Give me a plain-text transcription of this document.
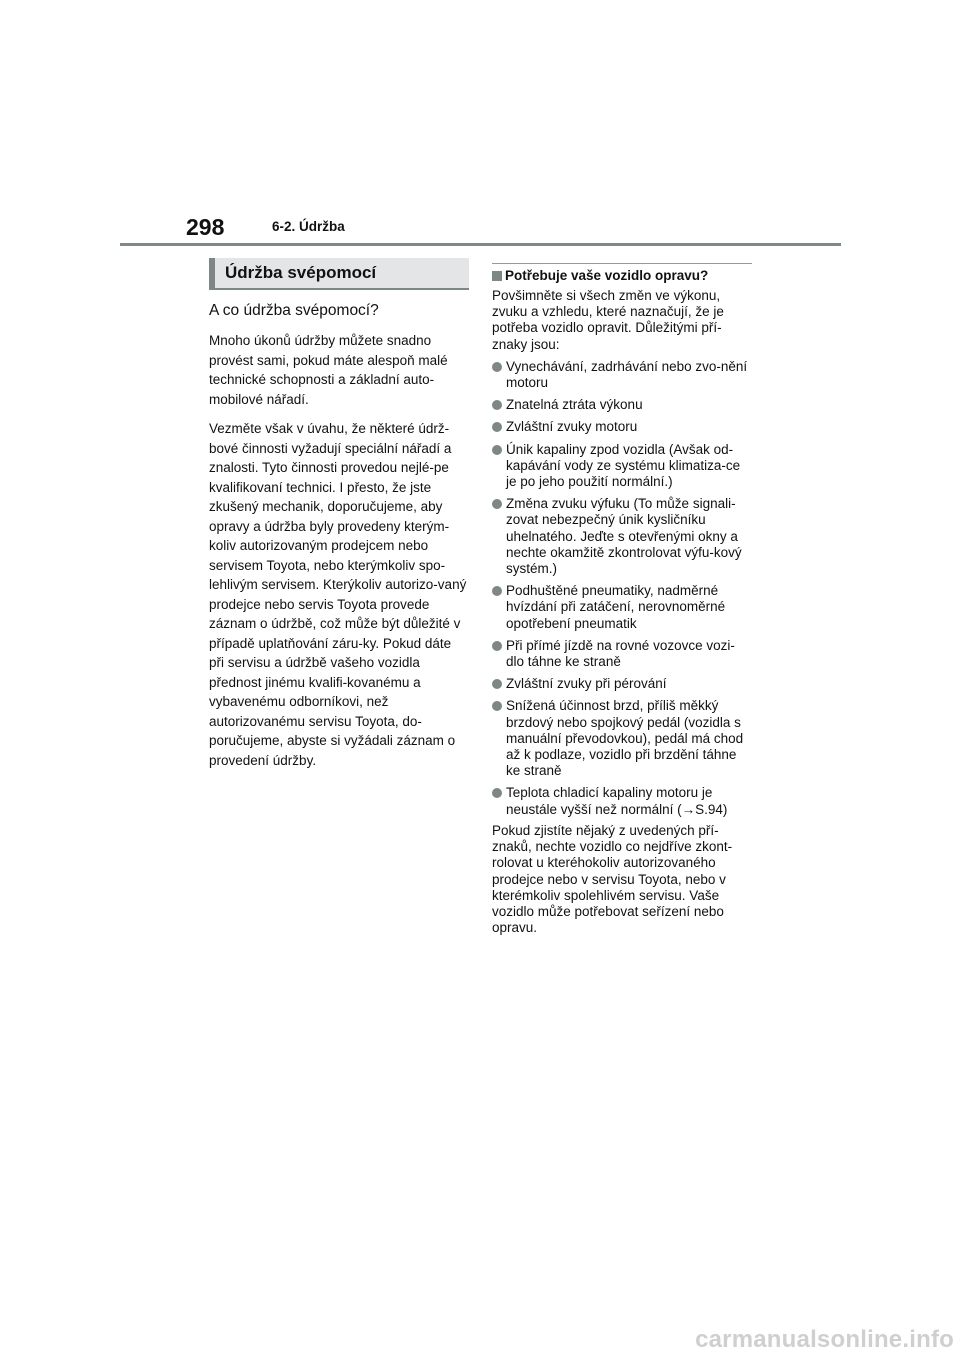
298	6-2. Údržba
Údržba svépomocí
A co údržba svépomocí?
Mnoho úkonů údržby můžete snadno provést sami, pokud máte alespoň malé technické schopnosti a základní auto-mobilové nářadí.
Vezměte však v úvahu, že některé údrž-bové činnosti vyžadují speciální nářadí a znalosti. Tyto činnosti provedou nejlé-pe kvalifikovaní technici. I přesto, že jste zkušený mechanik, doporučujeme, aby opravy a údržba byly provedeny kterým-koliv autorizovaným prodejcem nebo servisem Toyota, nebo kterýmkoliv spo-lehlivým servisem. Kterýkoliv autorizo-vaný prodejce nebo servis Toyota provede záznam o údržbě, což může být důležité v případě uplatňování záru-ky. Pokud dáte při servisu a údržbě vašeho vozidla přednost jinému kvalifi-kovanému a vybavenému odborníkovi, než autorizovanému servisu Toyota, do-poručujeme, abyste si vyžádali záznam o provedení údržby.
Potřebuje vaše vozidlo opravu?
Povšimněte si všech změn ve výkonu, zvuku a vzhledu, které naznačují, že je potřeba vozidlo opravit. Důležitými pří-znaky jsou:
Vynechávání, zadrhávání nebo zvo-nění motoru
Znatelná ztráta výkonu
Zvláštní zvuky motoru
Únik kapaliny zpod vozidla (Avšak od-kapávání vody ze systému klimatiza-ce je po jeho použití normální.)
Změna zvuku výfuku (To může signali-zovat nebezpečný únik kysličníku uhelnatého. Jeďte s otevřenými okny a nechte okamžitě zkontrolovat výfu-kový systém.)
Podhuštěné pneumatiky, nadměrné hvízdání při zatáčení, nerovnoměrné opotřebení pneumatik
Při přímé jízdě na rovné vozovce vozi-dlo táhne ke straně
Zvláštní zvuky při pérování
Snížená účinnost brzd, příliš měkký brzdový nebo spojkový pedál (vozidla s manuální převodovkou), pedál má chod až k podlaze, vozidlo při brzdění táhne ke straně
Teplota chladicí kapaliny motoru je neustále vyšší než normální (→S.94)
Pokud zjistíte nějaký z uvedených pří-znaků, nechte vozidlo co nejdříve zkont-rolovat u kteréhokoliv autorizovaného prodejce nebo v servisu Toyota, nebo v kterémkoliv spolehlivém servisu. Vaše vozidlo může potřebovat seřízení nebo opravu.
carmanualsonline.info
